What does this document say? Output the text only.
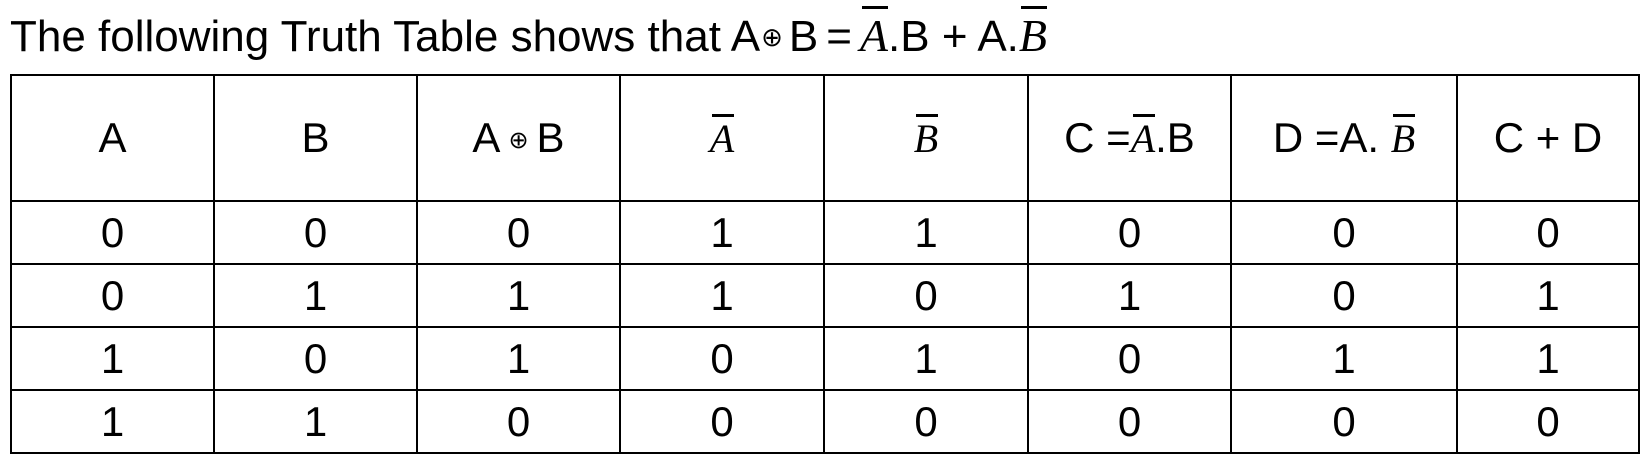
The following Truth Table shows that A⊕ B = A.B + A.B
A	B	A ⊕ B	A	B	C =A.B	D =A. B	C + D
0	0	0	1	1	0	0	0
0	1	1	1	0	1	0	1
1	0	1	0	1	0	1	1
1	1	0	0	0	0	0	0
